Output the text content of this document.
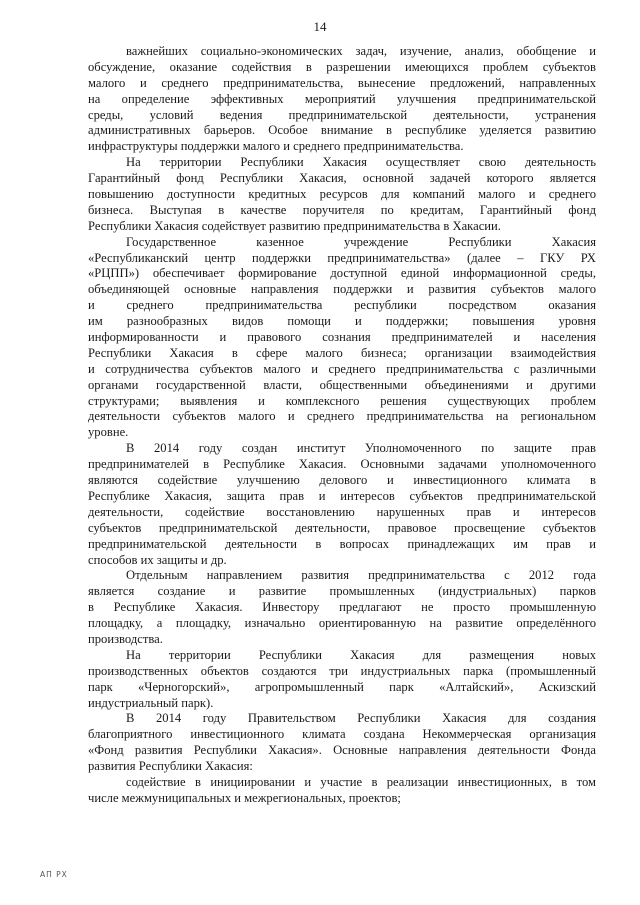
14
важнейших социально-экономических задач, изучение, анализ, обобщение и
обсуждение, оказание содействия в разрешении имеющихся проблем субъектов
малого и среднего предпринимательства, вынесение предложений, направленных
на определение эффективных мероприятий улучшения предпринимательской
среды, условий ведения предпринимательской деятельности, устранения
административных барьеров. Особое внимание в республике уделяется развитию
инфраструктуры поддержки малого и среднего предпринимательства.
На территории Республики Хакасия осуществляет свою деятельность
Гарантийный фонд Республики Хакасия, основной задачей которого является
повышению доступности кредитных ресурсов для компаний малого и среднего
бизнеса. Выступая в качестве поручителя по кредитам, Гарантийный фонд
Республики Хакасия содействует развитию предпринимательства в Хакасии.
Государственное казенное учреждение Республики Хакасия
«Республиканский центр поддержки предпринимательства» (далее – ГКУ РХ
«РЦПП») обеспечивает формирование доступной единой информационной среды,
объединяющей основные направления поддержки и развития субъектов малого
и среднего предпринимательства республики посредством оказания
им разнообразных видов помощи и поддержки; повышения уровня
информированности и правового сознания предпринимателей и населения
Республики Хакасия в сфере малого бизнеса; организации взаимодействия
и сотрудничества субъектов малого и среднего предпринимательства с различными
органами государственной власти, общественными объединениями и другими
структурами; выявления и комплексного решения существующих проблем
деятельности субъектов малого и среднего предпринимательства на региональном
уровне.
В 2014 году создан институт Уполномоченного по защите прав
предпринимателей в Республике Хакасия. Основными задачами уполномоченного
являются содействие улучшению делового и инвестиционного климата в
Республике Хакасия, защита прав и интересов субъектов предпринимательской
деятельности, содействие восстановлению нарушенных прав и интересов
субъектов предпринимательской деятельности, правовое просвещение субъектов
предпринимательской деятельности в вопросах принадлежащих им прав и
способов их защиты и др.
Отдельным направлением развития предпринимательства с 2012 года
является создание и развитие промышленных (индустриальных) парков
в Республике Хакасия. Инвестору предлагают не просто промышленную
площадку, а площадку, изначально ориентированную на развитие определённого
производства.
На территории Республики Хакасия для размещения новых
производственных объектов создаются три индустриальных парка (промышленный
парк «Черногорский», агропромышленный парк «Алтайский», Аскизский
индустриальный парк).
В 2014 году Правительством Республики Хакасия для создания
благоприятного инвестиционного климата создана Некоммерческая организация
«Фонд развития Республики Хакасия». Основные направления деятельности Фонда
развития Республики Хакасия:
содействие в инициировании и участие в реализации инвестиционных, в том
числе межмуниципальных и межрегиональных, проектов;
АП РХ
